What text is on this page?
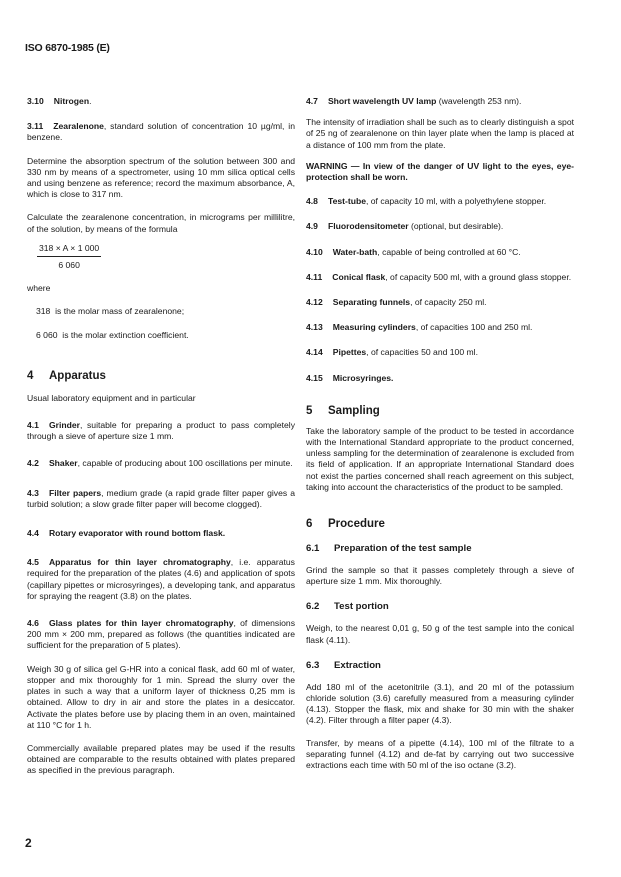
ISO 6870-1985 (E)

3.10 Nitrogen.

3.11 Zearalenone, standard solution of concentration 10 µg/ml, in benzene.

Determine the absorption spectrum of the solution between 300 and 330 nm by means of a spectrometer, using 10 mm silica optical cells and using benzene as reference; record the maximum absorbance, A, which is close to 317 nm.

Calculate the zearalenone concentration, in micrograms per millilitre, of the solution, by means of the formula

$\frac{318 \times A \times 1 000}{6 060}$

where

318 is the molar mass of zearalenone;

6 060 is the molar extinction coefficient.

4 Apparatus

Usual laboratory equipment and in particular

4.1 Grinder, suitable for preparing a product to pass completely through a sieve of aperture size 1 mm.

4.2 Shaker, capable of producing about 100 oscillations per minute.

4.3 Filter papers, medium grade (a rapid grade filter paper gives a turbid solution; a slow grade filter paper will become clogged).

4.4 Rotary evaporator with round bottom flask.

4.5 Apparatus for thin layer chromatography, i.e. apparatus required for the preparation of the plates (4.6) and application of spots (capillary pipettes or microsyringes), a developing tank, and apparatus for spraying the reagent (3.8) on the plates.

4.6 Glass plates for thin layer chromatography, of dimensions 200 mm × 200 mm, prepared as follows (the quantities indicated are sufficient for the preparation of 5 plates).

Weigh 30 g of silica gel G-HR into a conical flask, add 60 ml of water, stopper and mix thoroughly for 1 min. Spread the slurry over the plates in such a way that a uniform layer of thickness 0,25 mm is obtained. Allow to dry in air and store the plates in a desiccator. Activate the plates before use by placing them in an oven, maintained at 110 °C for 1 h.

Commercially available prepared plates may be used if the results obtained are comparable to the results obtained with plates prepared as specified in the previous paragraph.

4.7 Short wavelength UV lamp (wavelength 253 nm).

The intensity of irradiation shall be such as to clearly distinguish a spot of 25 ng of zearalenone on thin layer plate when the lamp is placed at a distance of 100 mm from the plate.

WARNING — In view of the danger of UV light to the eyes, eye-protection shall be worn.

4.8 Test-tube, of capacity 10 ml, with a polyethylene stopper.

4.9 Fluorodensitometer (optional, but desirable).

4.10 Water-bath, capable of being controlled at 60 °C.

4.11 Conical flask, of capacity 500 ml, with a ground glass stopper.

4.12 Separating funnels, of capacity 250 ml.

4.13 Measuring cylinders, of capacities 100 and 250 ml.

4.14 Pipettes, of capacities 50 and 100 ml.

4.15 Microsyringes.

5 Sampling

Take the laboratory sample of the product to be tested in accordance with the International Standard appropriate to the product concerned, unless sampling for the determination of zearalenone is excluded from its field of application. If an appropriate International Standard does not exist the parties concerned shall reach agreement on this subject, taking into account the characteristics of the product to be sampled.

6 Procedure
6.1 Preparation of the test sample

Grind the sample so that it passes completely through a sieve of aperture size 1 mm. Mix thoroughly.

6.2 Test portion

Weigh, to the nearest 0,01 g, 50 g of the test sample into the conical flask (4.11).

6.3 Extraction

Add 180 ml of the acetonitrile (3.1), and 20 ml of the potassium chloride solution (3.6) carefully measured from a measuring cylinder (4.13). Stopper the flask, mix and shake for 30 min with the shaker (4.2). Filter through a filter paper (4.3).

Transfer, by means of a pipette (4.14), 100 ml of the filtrate to a separating funnel (4.12) and de-fat by carrying out two successive extractions each time with 50 ml of the iso octane (3.2).

2
